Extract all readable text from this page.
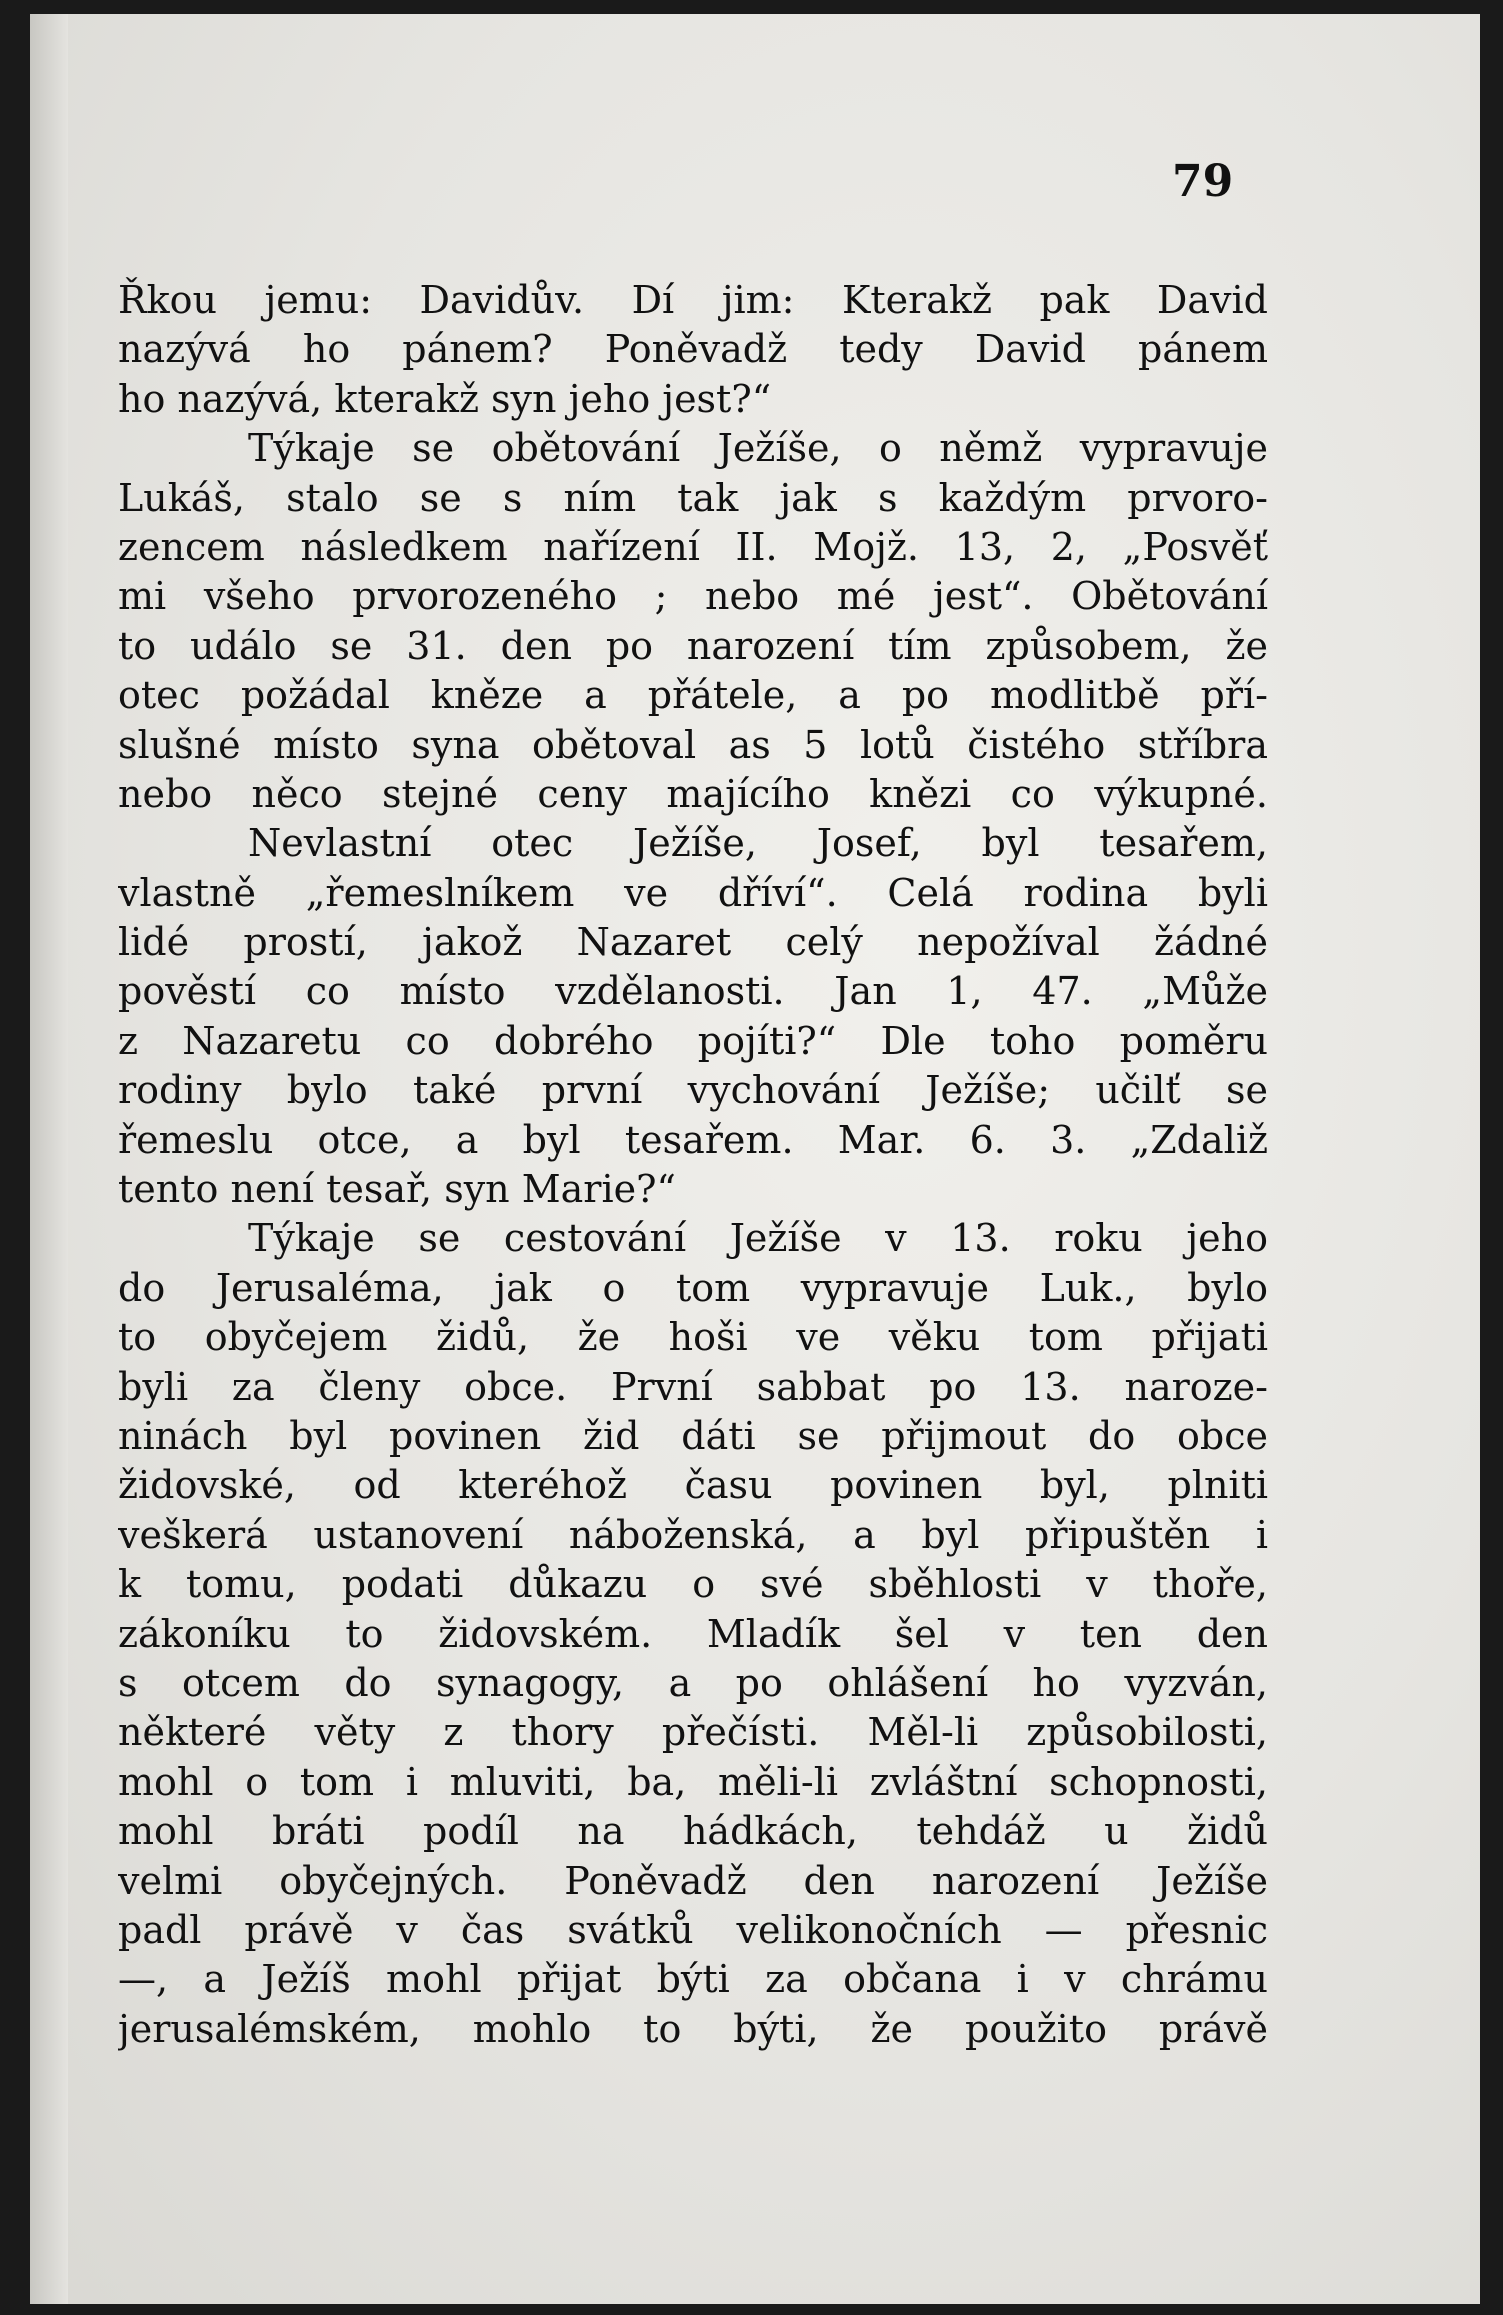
79
Řkou jemu: Davidův. Dí jim: Kterakž pak David
nazývá ho pánem? Poněvadž tedy David pánem
ho nazývá, kterakž syn jeho jest?“
Týkaje se obětování Ježíše, o němž vypravuje
Lukáš, stalo se s ním tak jak s každým prvoro-
zencem následkem nařízení II. Mojž. 13, 2, „Posvěť
mi všeho prvorozeného ; nebo mé jest“. Obětování
to událo se 31. den po narození tím způsobem, že
otec požádal kněze a přátele, a po modlitbě pří-
slušné místo syna obětoval as 5 lotů čistého stříbra
nebo něco stejné ceny majícího knězi co výkupné.
Nevlastní otec Ježíše, Josef, byl tesařem,
vlastně „řemeslníkem ve dříví“. Celá rodina byli
lidé prostí, jakož Nazaret celý nepožíval žádné
pověstí co místo vzdělanosti. Jan 1, 47. „Může
z Nazaretu co dobrého pojíti?“ Dle toho poměru
rodiny bylo také první vychování Ježíše; učilť se
řemeslu otce, a byl tesařem. Mar. 6. 3. „Zdaliž
tento není tesař, syn Marie?“
Týkaje se cestování Ježíše v 13. roku jeho
do Jerusaléma, jak o tom vypravuje Luk., bylo
to obyčejem židů, že hoši ve věku tom přijati
byli za členy obce. První sabbat po 13. naroze-
ninách byl povinen žid dáti se přijmout do obce
židovské, od kteréhož času povinen byl, plniti
veškerá ustanovení náboženská, a byl připuštěn i
k tomu, podati důkazu o své sběhlosti v thoře,
zákoníku to židovském. Mladík šel v ten den
s otcem do synagogy, a po ohlášení ho vyzván,
některé věty z thory přečísti. Měl-li způsobilosti,
mohl o tom i mluviti, ba, měli-li zvláštní schopnosti,
mohl bráti podíl na hádkách, tehdáž u židů
velmi obyčejných. Poněvadž den narození Ježíše
padl právě v čas svátků velikonočních — přesnic
—, a Ježíš mohl přijat býti za občana i v chrámu
jerusalémském, mohlo to býti, že použito právě
